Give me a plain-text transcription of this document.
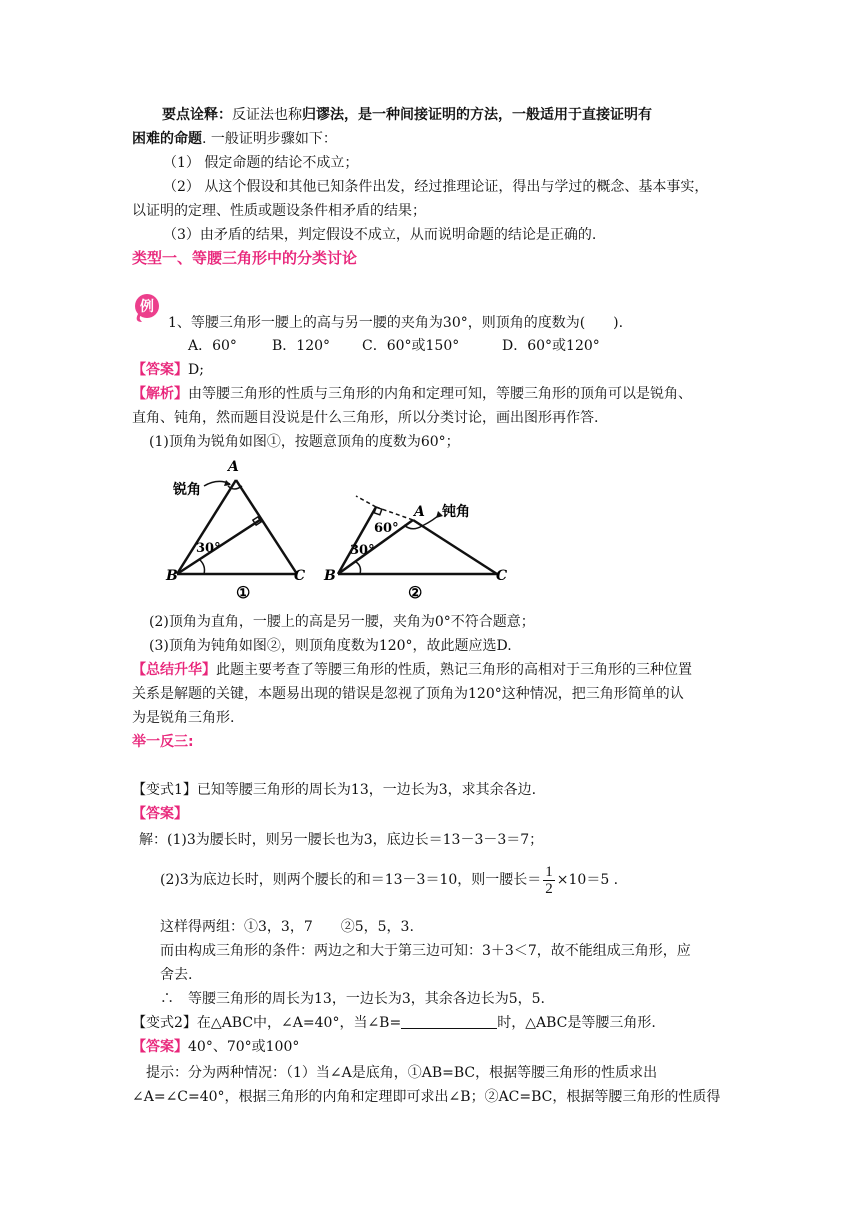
要点诠释：反证法也称归谬法，是一种间接证明的方法，一般适用于直接证明有
困难的命题. 一般证明步骤如下：
（1） 假定命题的结论不成立；
（2） 从这个假设和其他已知条件出发，经过推理论证，得出与学过的概念、基本事实，
以证明的定理、性质或题设条件相矛盾的结果；
（3）由矛盾的结果，判定假设不成立，从而说明命题的结论是正确的.
类型一、等腰三角形中的分类讨论
例
1、等腰三角形一腰上的高与另一腰的夹角为30°，则顶角的度数为(　　).
A．60°	B．120° C．60°或150°	D．60°或120°
【答案】D;
【解析】由等腰三角形的性质与三角形的内角和定理可知，等腰三角形的顶角可以是锐角、
直角、钝角，然而题目没说是什么三角形，所以分类讨论，画出图形再作答.
(1)顶角为锐角如图①，按题意顶角的度数为60°；
A
B	C
锐角
30°
①
A
B	C
钝角
60°
30°
②
(2)顶角为直角，一腰上的高是另一腰，夹角为0°不符合题意；
(3)顶角为钝角如图②，则顶角度数为120°，故此题应选D.
【总结升华】此题主要考查了等腰三角形的性质，熟记三角形的高相对于三角形的三种位置
关系是解题的关键，本题易出现的错误是忽视了顶角为120°这种情况，把三角形简单的认
为是锐角三角形.
举一反三:
【变式1】已知等腰三角形的周长为13，一边长为3，求其余各边.
【答案】
解：(1)3为腰长时，则另一腰长也为3，底边长＝13－3－3＝7；
(2)3为底边长时，则两个腰长的和＝13－3＝10，则一腰长＝ $\frac{1}{2} \times 10=5$ .
这样得两组：①3，3，7　　②5，5，3.
而由构成三角形的条件：两边之和大于第三边可知：3＋3＜7，故不能组成三角形，应
舍去.
∴　等腰三角形的周长为13，一边长为3，其余各边长为5，5.
【变式2】在△ABC中，∠A=40°，当∠B=	时，△ABC是等腰三角形.
【答案】40°、70°或100°
提示：分为两种情况：（1）当∠A是底角，①AB=BC，根据等腰三角形的性质求出
∠A=∠C=40°，根据三角形的内角和定理即可求出∠B；②AC=BC，根据等腰三角形的性质得
